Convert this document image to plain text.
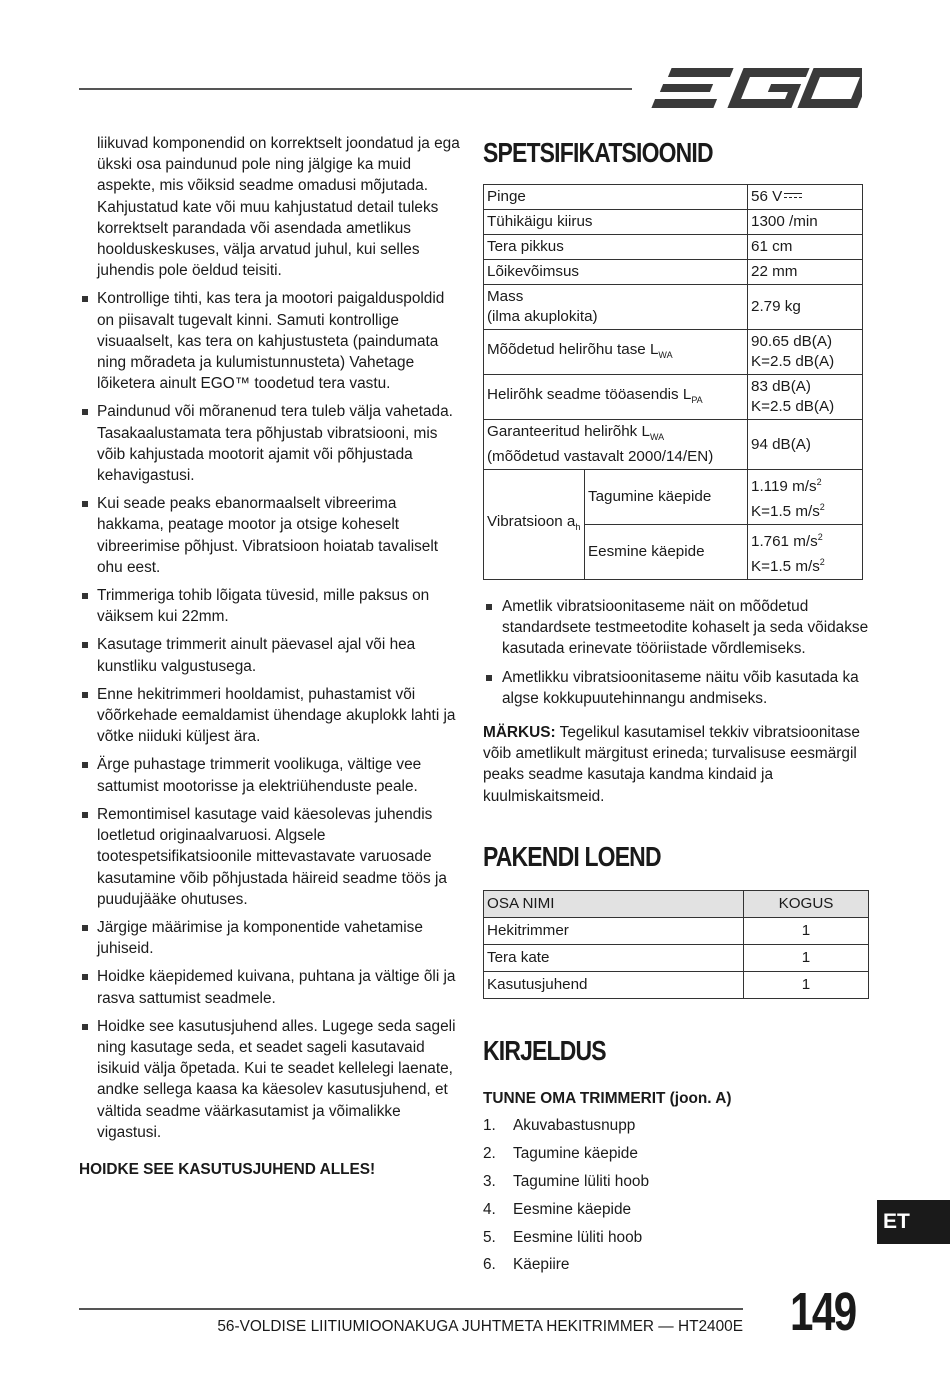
liikuvad komponendid on korrektselt joondatud ja ega ükski osa paindunud pole ning jälgige ka muid aspekte, mis võiksid seadme omadusi mõjutada. Kahjustatud kate või muu kahjustatud detail tuleks korrektselt parandada või asendada ametlikus hoolduskeskuses, välja arvatud juhul, kui selles juhendis pole öeldud teisiti.

Kontrollige tihti, kas tera ja mootori paigalduspoldid on piisavalt tugevalt kinni. Samuti kontrollige visuaalselt, kas tera on kahjustusteta (paindumata ning mõradeta ja kulumistunnusteta) Vahetage lõiketera ainult EGO™ toodetud tera vastu.
Paindunud või mõranenud tera tuleb välja vahetada. Tasakaalustamata tera põhjustab vibratsiooni, mis võib kahjustada mootorit ajamit või põhjustada kehavigastusi.
Kui seade peaks ebanormaalselt vibreerima hakkama, peatage mootor ja otsige koheselt vibreerimise põhjust. Vibratsioon hoiatab tavaliselt ohu eest.
Trimmeriga tohib lõigata tüvesid, mille paksus on väiksem kui 22mm.
Kasutage trimmerit ainult päevasel ajal või hea kunstliku valgustusega.
Enne hekitrimmeri hooldamist, puhastamist või võõrkehade eemaldamist ühendage akuplokk lahti ja võtke niiduki küljest ära.
Ärge puhastage trimmerit voolikuga, vältige vee sattumist mootorisse ja elektriühenduste peale.
Remontimisel kasutage vaid käesolevas juhendis loetletud originaalvaruosi. Algsele tootespetsifikatsioonile mittevastavate varuosade kasutamine võib põhjustada häireid seadme töös ja puudujääke ohutuses.
Järgige määrimise ja komponentide vahetamise juhiseid.
Hoidke käepidemed kuivana, puhtana ja vältige õli ja rasva sattumist seadmele.
Hoidke see kasutusjuhend alles. Lugege seda sageli ning kasutage seda, et seadet sageli kasutavaid isikuid välja õpetada. Kui te seadet kellelegi laenate, andke sellega kaasa ka käesolev kasutusjuhend, et vältida seadme väärkasutamist ja võimalikke vigastusi.

HOIDKE SEE KASUTUSJUHEND ALLES!

SPETSIFIKATSIOONID
Pinge		56 V
Tühikäigu kiirus		1300 /min
Tera pikkus		61 cm
Lõikevõimsus		22 mm
Mass
(ilma akuplokita)		2.79 kg
Mõõdetud helirõhu tase $L_{WA}$		90.65 dB(A)
K=2.5 dB(A)
Helirõhk seadme tööasendis $L_{PA}$		83 dB(A)
K=2.5 dB(A)
Garanteeritud helirõhk $L_{WA}$
(mõõdetud vastavalt 2000/14/EN)		94 dB(A)
Vibratsioon $a_h$	Tagumine käepide	1.119 $m/s^2$
K=1.5 $m/s^2$
	Eesmine käepide	1.761 $m/s^2$
K=1.5 $m/s^2$
Ametlik vibratsioonitaseme näit on mõõdetud standardsete testmeetodite kohaselt ja seda võidakse kasutada erinevate tööriistade võrdlemiseks.
Ametlikku vibratsioonitaseme näitu võib kasutada ka algse kokkupuutehinnangu andmiseks.

MÄRKUS: Tegelikul kasutamisel tekkiv vibratsioonitase võib ametlikult märgitust erineda; turvalisuse eesmärgil peaks seadme kasutaja kandma kindaid ja kuulmiskaitsmeid.

PAKENDI LOEND
OSA NIMI	KOGUS
Hekitrimmer	1
Tera kate	1
Kasutusjuhend	1
KIRJELDUS

TUNNE OMA TRIMMERIT (joon. A)

1. Akuvabastusnupp
2. Tagumine käepide
3. Tagumine lüliti hoob
4. Eesmine käepide
5. Eesmine lüliti hoob
6. Käepiire
ET
56-VOLDISE LIITIUMIOONAKUGA JUHTMETA HEKITRIMMER — HT2400E 149
